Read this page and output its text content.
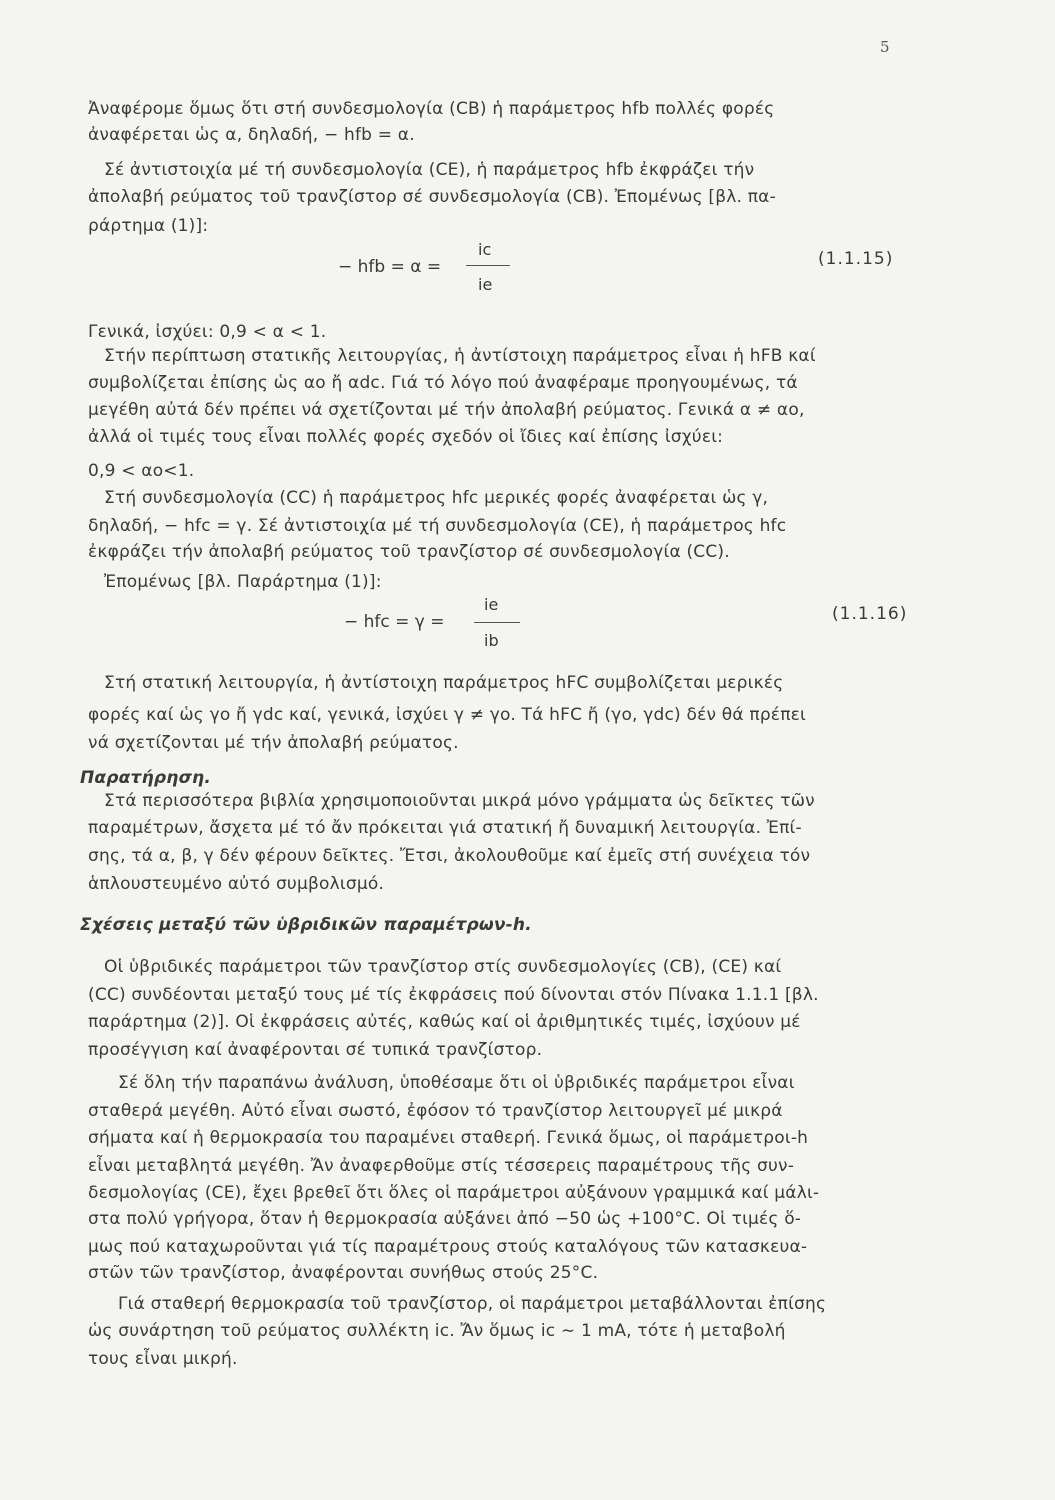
5
Ἀναφέρομε ὅμως ὅτι στή συνδεσμολογία (CB) ἡ παράμετρος hfb πολλές φορές
ἀναφέρεται ὡς α, δηλαδή, − hfb = α.
Σέ ἀντιστοιχία μέ τή συνδεσμολογία (CE), ἡ παράμετρος hfb ἐκφράζει τήν
ἀπολαβή ρεύματος τοῦ τρανζίστορ σέ συνδεσμολογία (CB). Ἐπομένως [βλ. πα-
ράρτημα (1)]:
− hfb = α =
ic
ie
(1.1.15)
Γενικά, ἰσχύει: 0,9 < α < 1.
Στήν περίπτωση στατικῆς λειτουργίας, ἡ ἀντίστοιχη παράμετρος εἶναι ἡ hFB καί
συμβολίζεται ἐπίσης ὡς αo ἤ αdc. Γιά τό λόγο πού ἀναφέραμε προηγουμένως, τά
μεγέθη αὐτά δέν πρέπει νά σχετίζονται μέ τήν ἀπολαβή ρεύματος. Γενικά α ≠ αo,
ἀλλά οἱ τιμές τους εἶναι πολλές φορές σχεδόν οἱ ἴδιες καί ἐπίσης ἰσχύει:
0,9 < αo<1.
Στή συνδεσμολογία (CC) ἡ παράμετρος hfc μερικές φορές ἀναφέρεται ὡς γ,
δηλαδή, − hfc = γ. Σέ ἀντιστοιχία μέ τή συνδεσμολογία (CE), ἡ παράμετρος hfc
ἐκφράζει τήν ἀπολαβή ρεύματος τοῦ τρανζίστορ σέ συνδεσμολογία (CC).
Ἐπομένως [βλ. Παράρτημα (1)]:
− hfc = γ =
ie
ib
(1.1.16)
Στή στατική λειτουργία, ἡ ἀντίστοιχη παράμετρος hFC συμβολίζεται μερικές
φορές καί ὡς γo ἤ γdc καί, γενικά, ἰσχύει γ ≠ γo. Τά hFC ἤ (γo, γdc) δέν θά πρέπει
νά σχετίζονται μέ τήν ἀπολαβή ρεύματος.
Παρατήρηση.
Στά περισσότερα βιβλία χρησιμοποιοῦνται μικρά μόνο γράμματα ὡς δεῖκτες τῶν
παραμέτρων, ἄσχετα μέ τό ἄν πρόκειται γιά στατική ἤ δυναμική λειτουργία. Ἐπί-
σης, τά α, β, γ δέν φέρουν δεῖκτες. Ἔτσι, ἀκολουθοῦμε καί ἐμεῖς στή συνέχεια τόν
ἁπλουστευμένο αὐτό συμβολισμό.
Σχέσεις μεταξύ τῶν ὑβριδικῶν παραμέτρων-h.
Οἱ ὑβριδικές παράμετροι τῶν τρανζίστορ στίς συνδεσμολογίες (CB), (CE) καί
(CC) συνδέονται μεταξύ τους μέ τίς ἐκφράσεις πού δίνονται στόν Πίνακα 1.1.1 [βλ.
παράρτημα (2)]. Οἱ ἐκφράσεις αὐτές, καθώς καί οἱ ἀριθμητικές τιμές, ἰσχύουν μέ
προσέγγιση καί ἀναφέρονται σέ τυπικά τρανζίστορ.
Σέ ὅλη τήν παραπάνω ἀνάλυση, ὑποθέσαμε ὅτι οἱ ὑβριδικές παράμετροι εἶναι
σταθερά μεγέθη. Αὐτό εἶναι σωστό, ἐφόσον τό τρανζίστορ λειτουργεῖ μέ μικρά
σήματα καί ἡ θερμοκρασία του παραμένει σταθερή. Γενικά ὅμως, οἱ παράμετροι-h
εἶναι μεταβλητά μεγέθη. Ἄν ἀναφερθοῦμε στίς τέσσερεις παραμέτρους τῆς συν-
δεσμολογίας (CE), ἔχει βρεθεῖ ὅτι ὅλες οἱ παράμετροι αὐξάνουν γραμμικά καί μάλι-
στα πολύ γρήγορα, ὅταν ἡ θερμοκρασία αὐξάνει ἀπό −50 ὡς +100°C. Οἱ τιμές ὅ-
μως πού καταχωροῦνται γιά τίς παραμέτρους στούς καταλόγους τῶν κατασκευα-
στῶν τῶν τρανζίστορ, ἀναφέρονται συνήθως στούς 25°C.
Γιά σταθερή θερμοκρασία τοῦ τρανζίστορ, οἱ παράμετροι μεταβάλλονται ἐπίσης
ὡς συνάρτηση τοῦ ρεύματος συλλέκτη ic. Ἄν ὅμως ic ∼ 1 mA, τότε ἡ μεταβολή
τους εἶναι μικρή.
